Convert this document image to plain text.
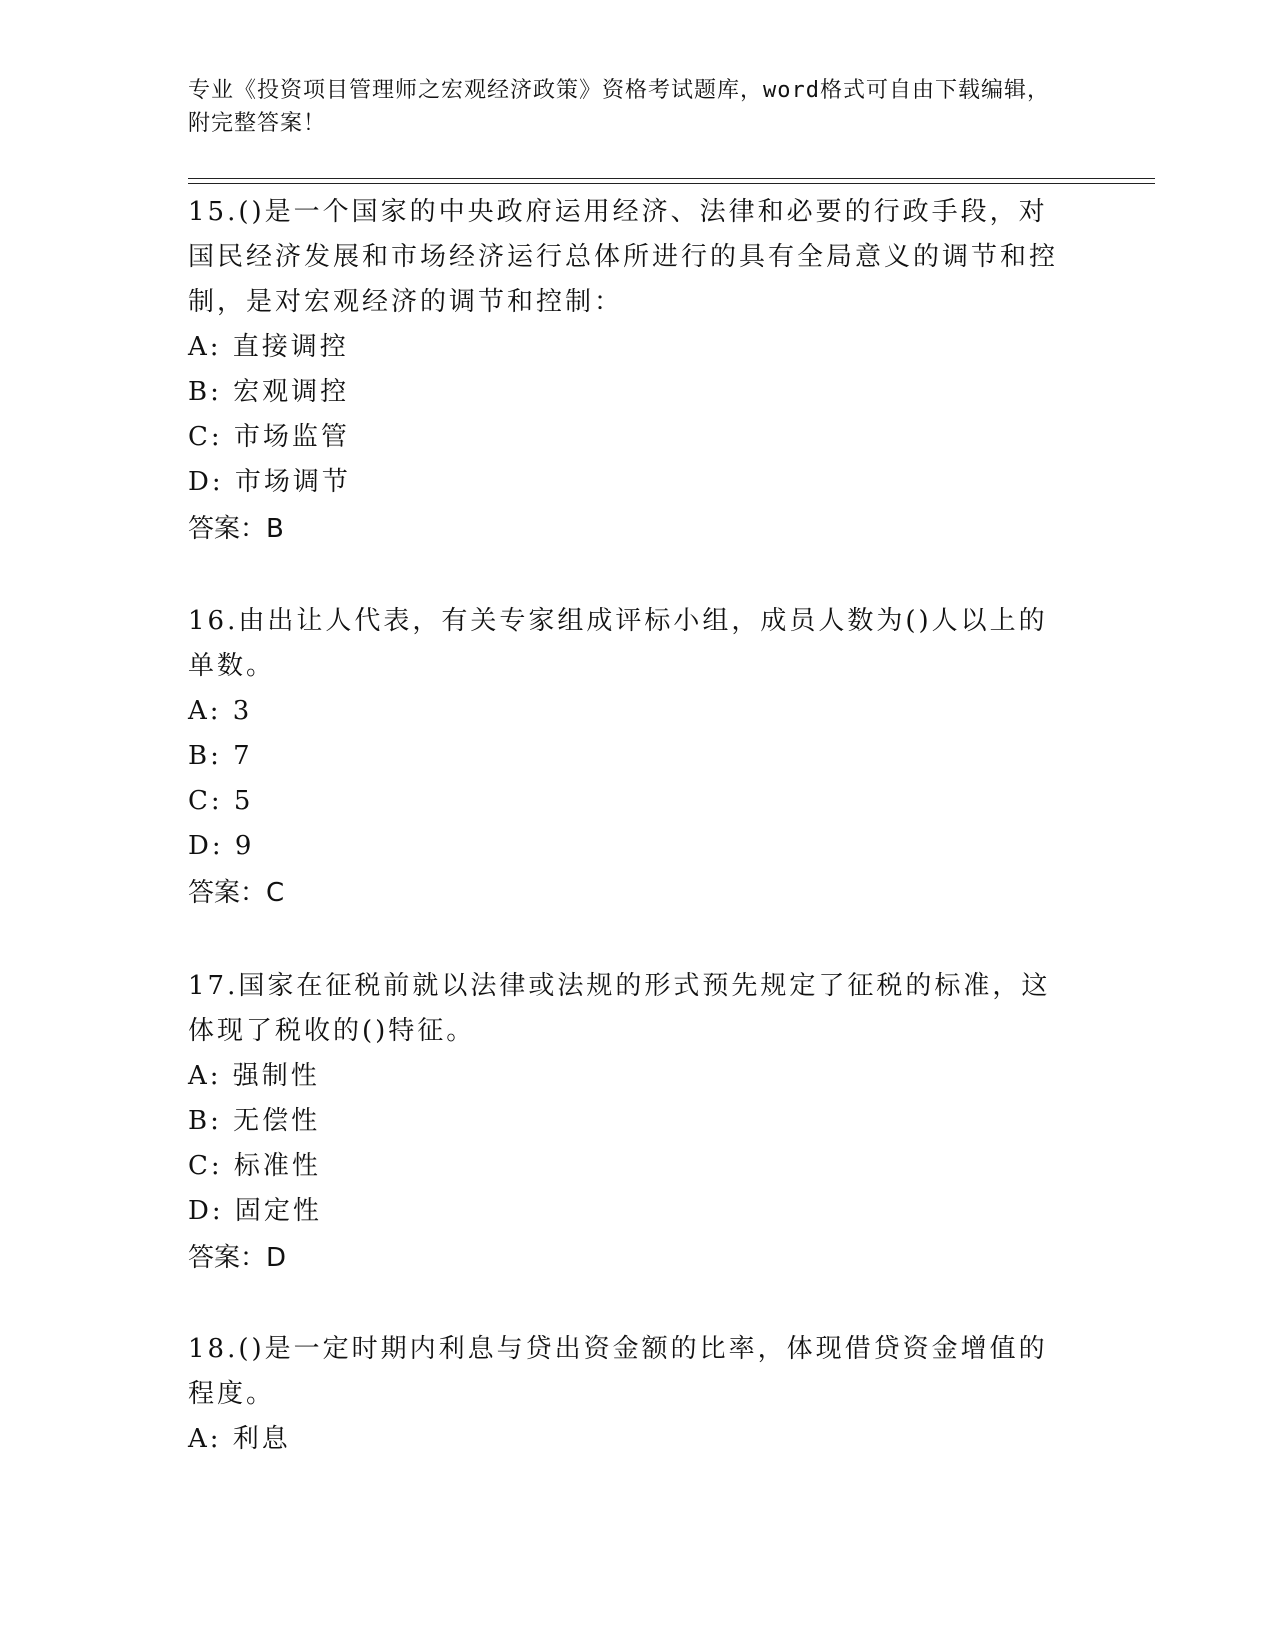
专业《投资项目管理师之宏观经济政策》资格考试题库，word格式可自由下载编辑，附完整答案！
15.()是一个国家的中央政府运用经济、法律和必要的行政手段，对国民经济发展和市场经济运行总体所进行的具有全局意义的调节和控制，是对宏观经济的调节和控制：
A: 直接调控
B: 宏观调控
C: 市场监管
D: 市场调节
答案：B
16.由出让人代表，有关专家组成评标小组，成员人数为()人以上的单数。
A: 3
B: 7
C: 5
D: 9
答案：C
17.国家在征税前就以法律或法规的形式预先规定了征税的标准，这体现了税收的()特征。
A: 强制性
B: 无偿性
C: 标准性
D: 固定性
答案：D
18.()是一定时期内利息与贷出资金额的比率，体现借贷资金增值的程度。
A: 利息
